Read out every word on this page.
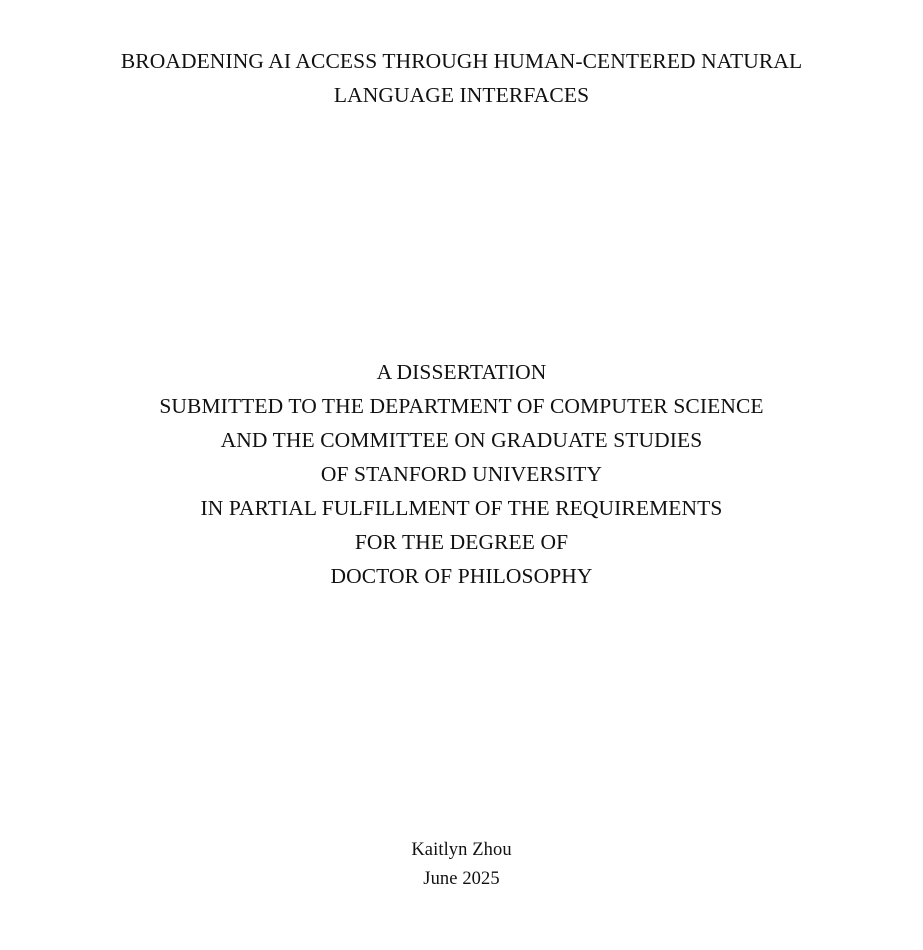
BROADENING AI ACCESS THROUGH HUMAN-CENTERED NATURAL
LANGUAGE INTERFACES
A DISSERTATION
SUBMITTED TO THE DEPARTMENT OF COMPUTER SCIENCE
AND THE COMMITTEE ON GRADUATE STUDIES
OF STANFORD UNIVERSITY
IN PARTIAL FULFILLMENT OF THE REQUIREMENTS
FOR THE DEGREE OF
DOCTOR OF PHILOSOPHY
Kaitlyn Zhou
June 2025
